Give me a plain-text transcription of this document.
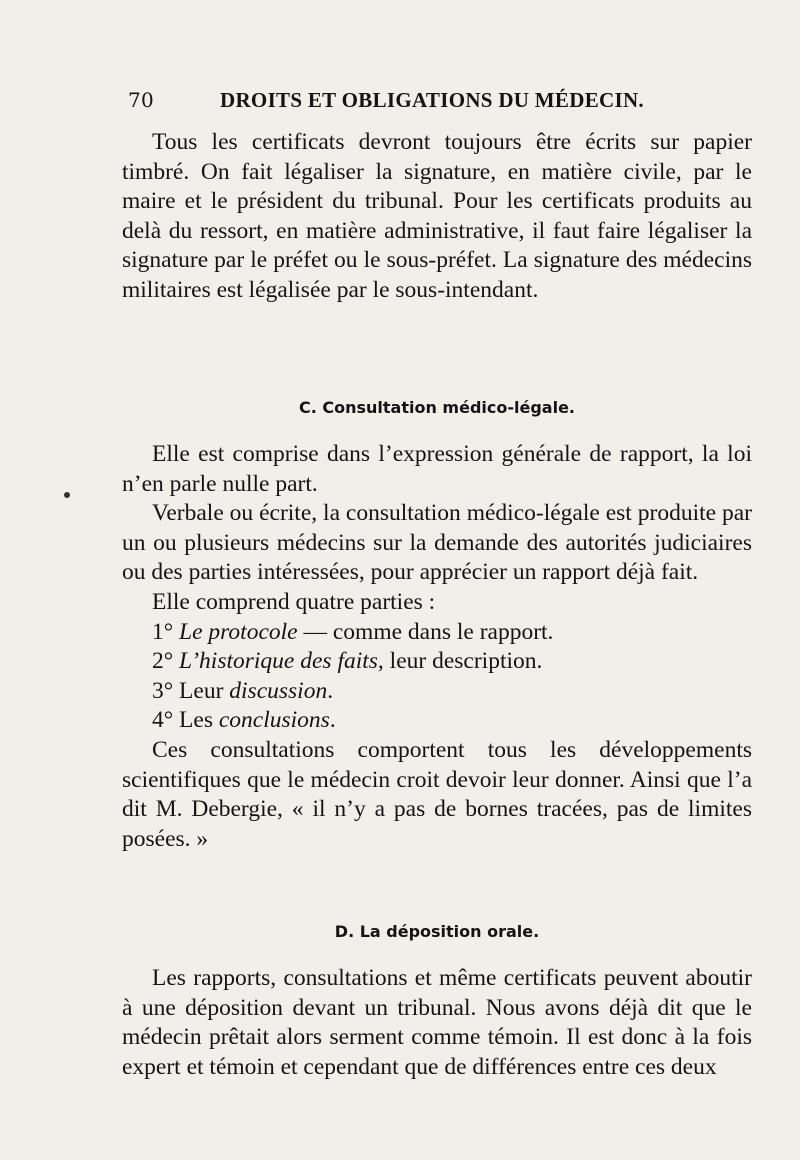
70	DROITS ET OBLIGATIONS DU MÉDECIN.

Tous les certificats devront toujours être écrits sur papier timbré. On fait légaliser la signature, en matière civile, par le maire et le président du tribunal. Pour les certificats produits au delà du ressort, en matière administrative, il faut faire légaliser la signature par le préfet ou le sous-préfet. La signature des médecins militaires est légalisée par le sous-intendant.

C. Consultation médico-légale.

Elle est comprise dans l’expression générale de rapport, la loi n’en parle nulle part.

Verbale ou écrite, la consultation médico-légale est produite par un ou plusieurs médecins sur la demande des autorités judiciaires ou des parties intéressées, pour apprécier un rapport déjà fait.

Elle comprend quatre parties :

1° Le protocole — comme dans le rapport.
2° L’historique des faits, leur description.
3° Leur discussion.
4° Les conclusions.

Ces consultations comportent tous les développements scientifiques que le médecin croit devoir leur donner. Ainsi que l’a dit M. Debergie, « il n’y a pas de bornes tracées, pas de limites posées. »

D. La déposition orale.

Les rapports, consultations et même certificats peuvent aboutir à une déposition devant un tribunal. Nous avons déjà dit que le médecin prêtait alors serment comme témoin. Il est donc à la fois expert et témoin et cependant que de différences entre ces deux
